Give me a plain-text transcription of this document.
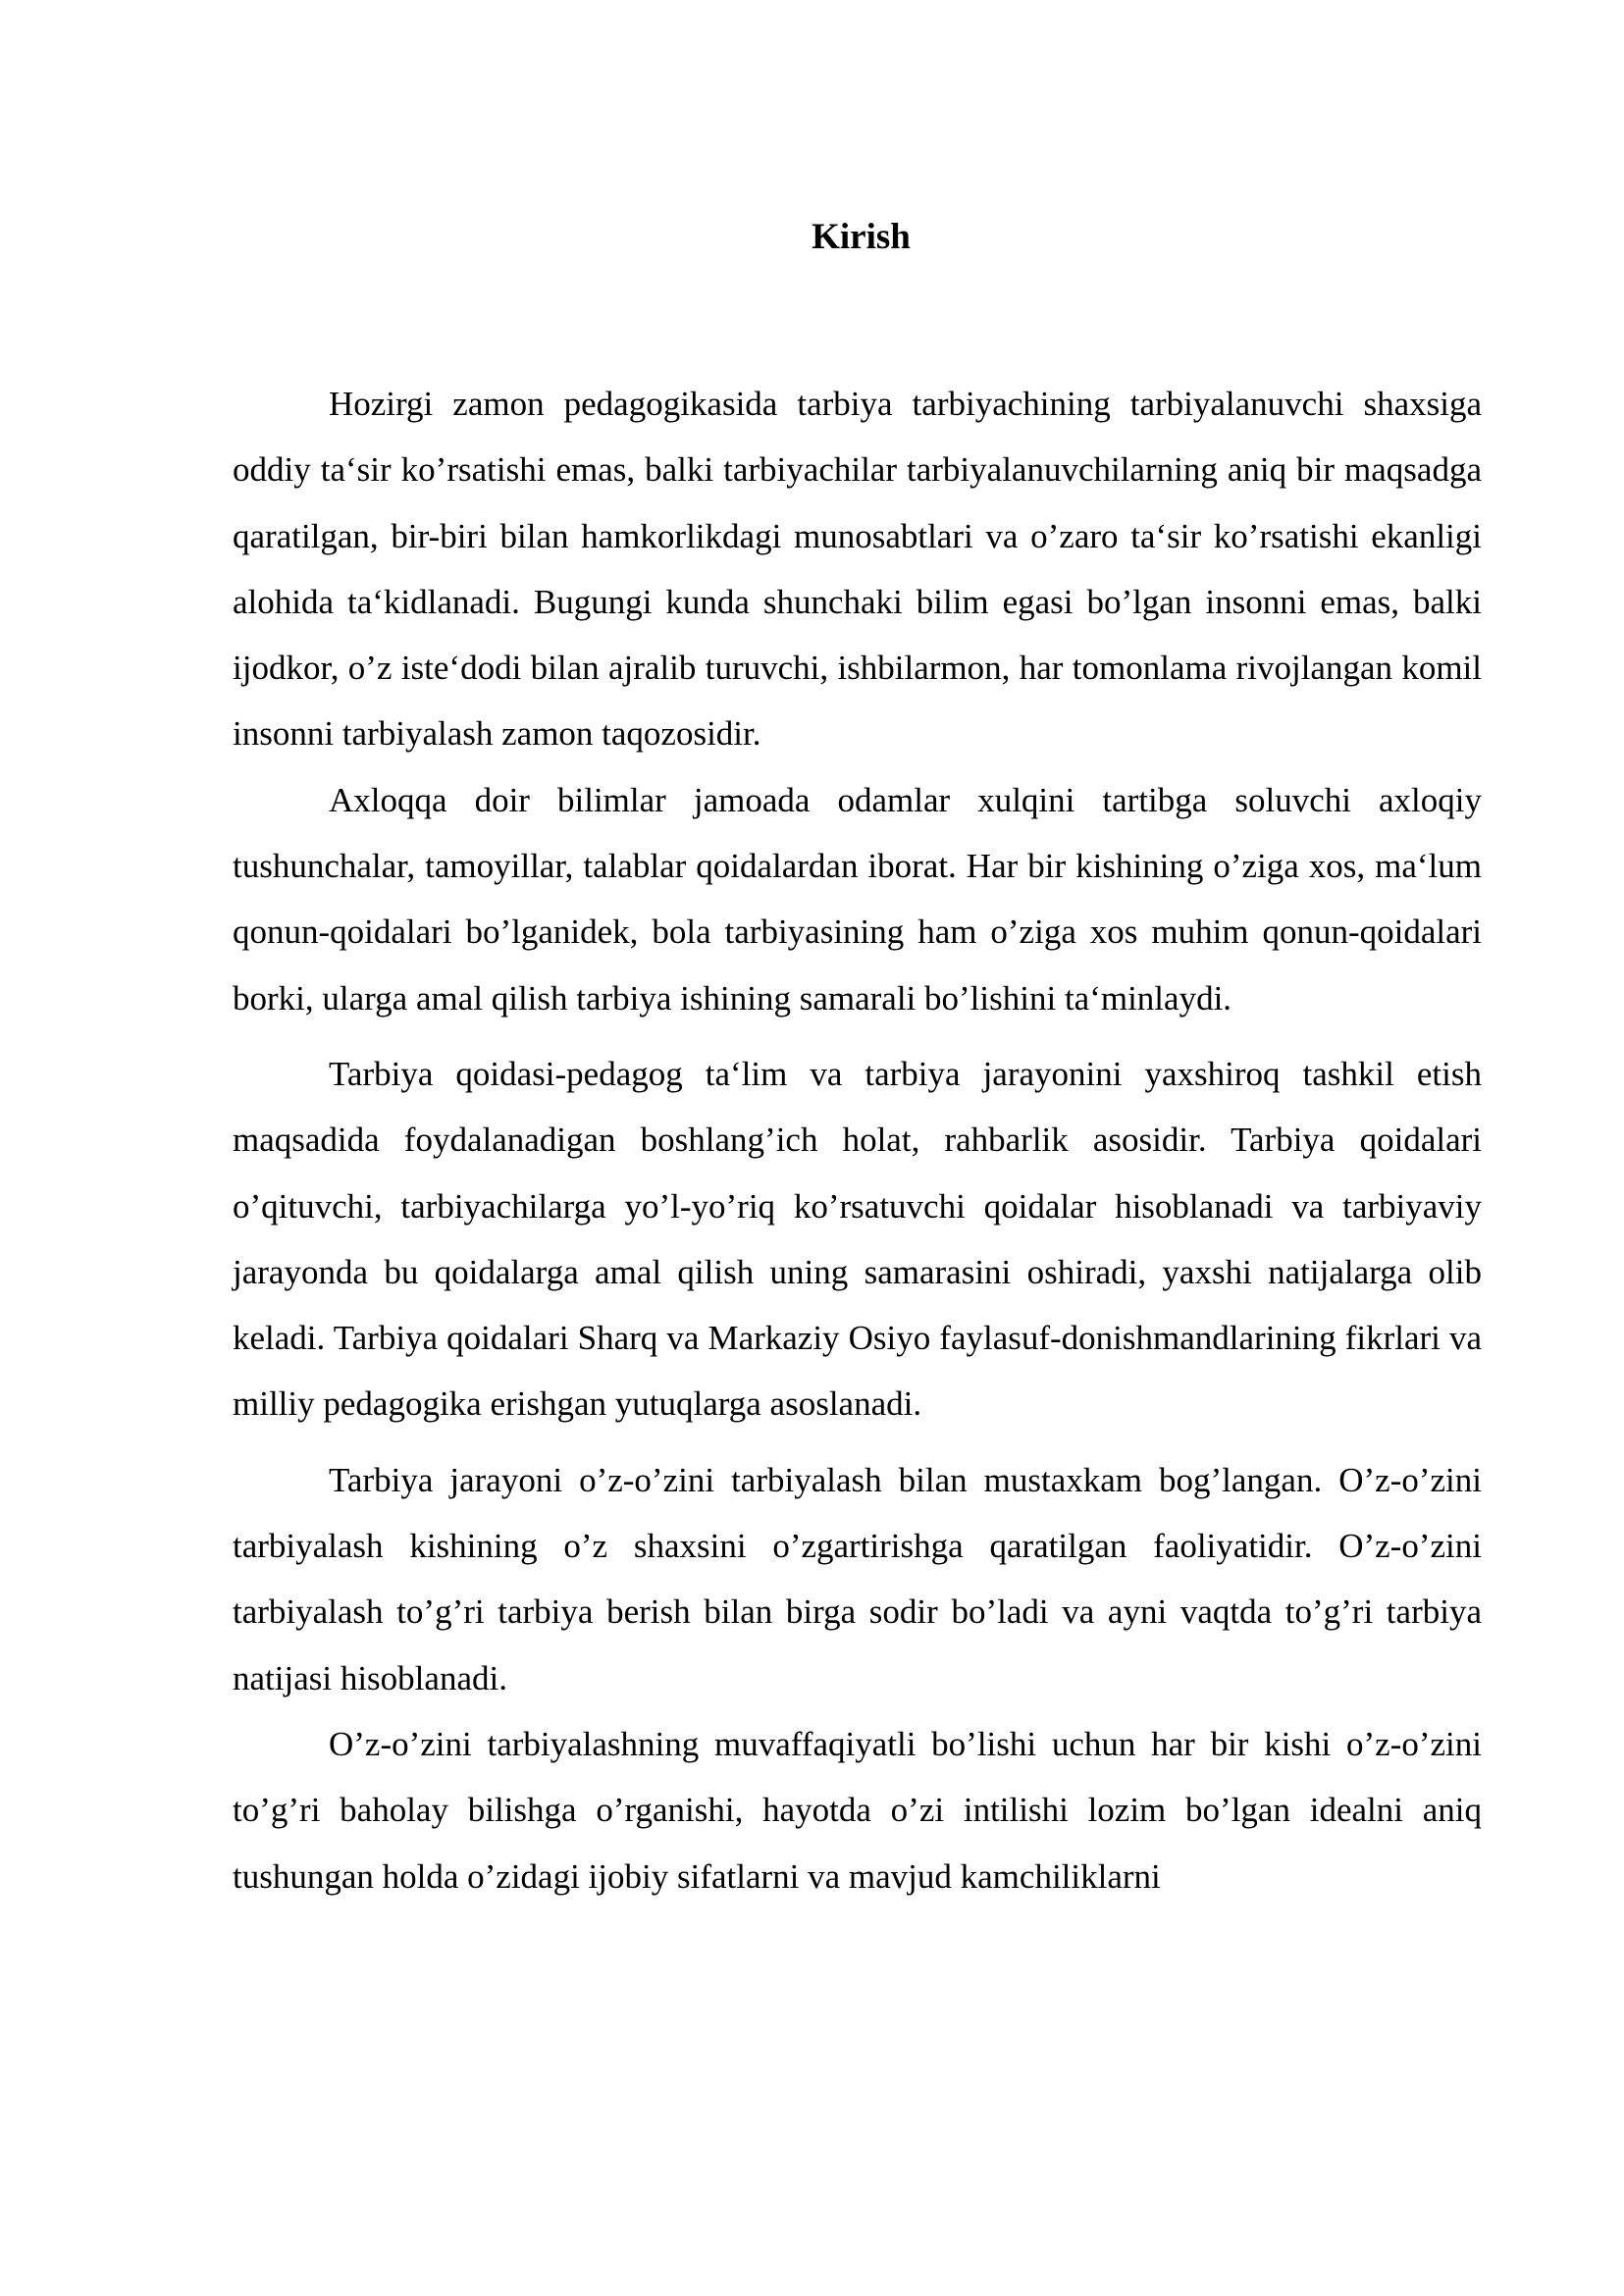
Kirish

Hozirgi zamon pedagogikasida tarbiya tarbiyachining tarbiyalanuvchi shaxsiga oddiy ta‘sir ko’rsatishi emas, balki tarbiyachilar tarbiyalanuvchilarning aniq bir maqsadga qaratilgan, bir-biri bilan hamkorlikdagi munosabtlari va o’zaro ta‘sir ko’rsatishi ekanligi alohida ta‘kidlanadi. Bugungi kunda shunchaki bilim egasi bo’lgan insonni emas, balki ijodkor, o’z iste‘dodi bilan ajralib turuvchi, ishbilarmon, har tomonlama rivojlangan komil insonni tarbiyalash zamon taqozosidir.

Axloqqa doir bilimlar jamoada odamlar xulqini tartibga soluvchi axloqiy tushunchalar, tamoyillar, talablar qoidalardan iborat. Har bir kishining o’ziga xos, ma‘lum qonun-qoidalari bo’lganidek, bola tarbiyasining ham o’ziga xos muhim qonun-qoidalari borki, ularga amal qilish tarbiya ishining samarali bo’lishini ta‘minlaydi.

Tarbiya qoidasi-pedagog ta‘lim va tarbiya jarayonini yaxshiroq tashkil etish maqsadida foydalanadigan boshlang’ich holat, rahbarlik asosidir. Tarbiya qoidalari o’qituvchi, tarbiyachilarga yo’l-yo’riq ko’rsatuvchi qoidalar hisoblanadi va tarbiyaviy jarayonda bu qoidalarga amal qilish uning samarasini oshiradi, yaxshi natijalarga olib keladi. Tarbiya qoidalari Sharq va Markaziy Osiyo faylasuf-donishmandlarining fikrlari va milliy pedagogika erishgan yutuqlarga asoslanadi.

Tarbiya jarayoni o’z-o’zini tarbiyalash bilan mustaxkam bog’langan. O’z-o’zini tarbiyalash kishining o’z shaxsini o’zgartirishga qaratilgan faoliyatidir. O’z-o’zini tarbiyalash to’g’ri tarbiya berish bilan birga sodir bo’ladi va ayni vaqtda to’g’ri tarbiya natijasi hisoblanadi.

O’z-o’zini tarbiyalashning muvaffaqiyatli bo’lishi uchun har bir kishi o’z-o’zini to’g’ri baholay bilishga o’rganishi, hayotda o’zi intilishi lozim bo’lgan idealni aniq tushungan holda o’zidagi ijobiy sifatlarni va mavjud kamchiliklarni
